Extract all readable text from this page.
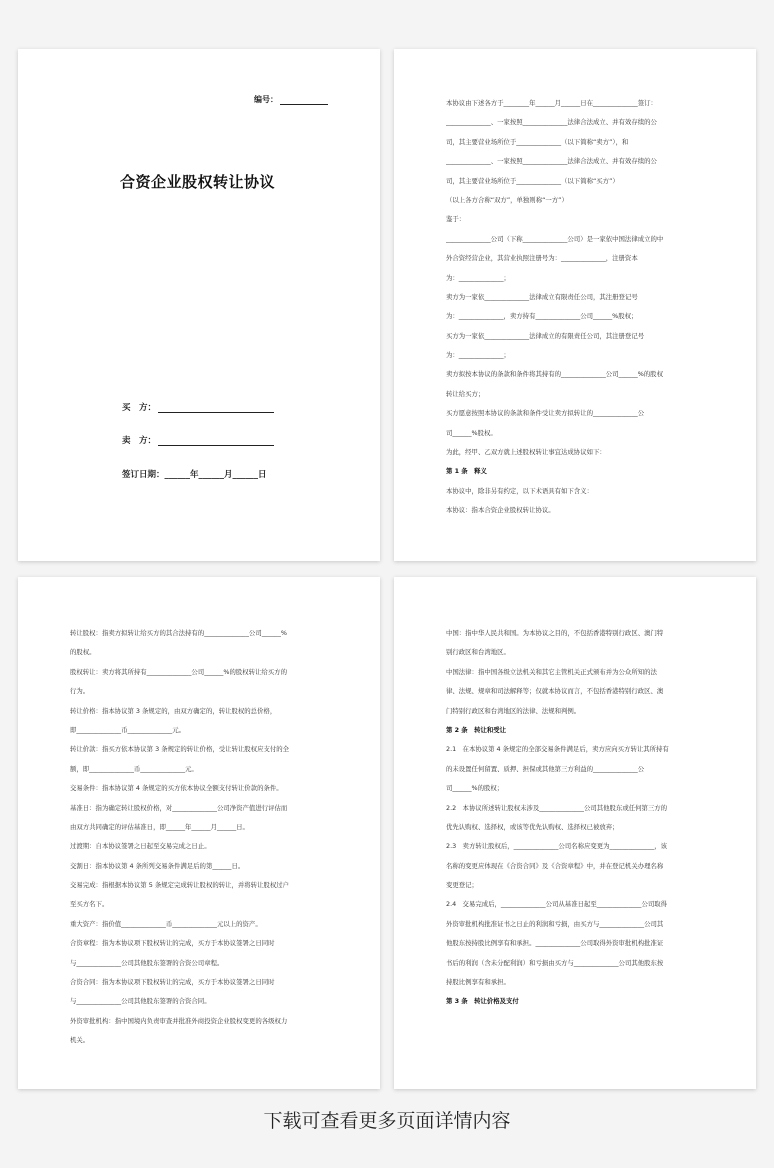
编号：
合资企业股权转让协议
买　方：
卖　方：
签订日期：______年______月______日
本协议由下述各方于________年______月______日在______________签订：
______________、一家按照______________法律合法成立、并有效存续的公
司，其主要营业场所位于______________（以下简称“卖方”），和
______________、一家按照______________法律合法成立、并有效存续的公
司，其主要营业场所位于______________（以下简称“买方”）
（以上各方合称“双方”，单独则称“一方”）
鉴于：
______________公司（下称______________公司）是一家依中国法律成立的中
外合资经营企业，其营业执照注册号为：______________，注册资本
为：______________；
卖方为一家依______________法律成立有限责任公司，其注册登记号
为：______________，卖方持有______________公司______%股权；
买方为一家依______________法律成立的有限责任公司，其注册登记号
为：______________；
卖方拟按本协议的条款和条件将其持有的______________公司______%的股权
转让给买方；
买方愿意按照本协议的条款和条件受让卖方拟转让的______________公
司______%股权。
为此，经甲、乙双方就上述股权转让事宜达成协议如下：
第 1 条　释义
本协议中，除非另有约定，以下术语具有如下含义：
本协议：指本合资企业股权转让协议。
转让股权：指卖方拟转让给买方的其合法持有的______________公司______%
的股权。
股权转让：卖方将其所持有______________公司______%的股权转让给买方的
行为。
转让价格：指本协议第 3 条规定的，由双方确定的，转让股权的总价格，
即______________币______________元。
转让价款：指买方依本协议第 3 条规定的转让价格，受让转让股权应支付的全
额，即______________币______________元。
交易条件：指本协议第 4 条规定的买方依本协议全额支付转让价款的条件。
基准日：指为确定转让股权价格，对______________公司净资产值进行评估而
由双方共同确定的评估基准日，即______年______月______日。
过渡期：自本协议签署之日起至交易完成之日止。
交割日：指本协议第 4 条所列交易条件满足后的第______日。
交易完成：指根据本协议第 5 条规定完成转让股权的转让，并将转让股权过户
至买方名下。
重大资产：指价值______________币______________元以上的资产。
合资章程：指为本协议项下股权转让的完成，买方于本协议签署之日同时
与______________公司其他股东签署的合资公司章程。
合资合同：指为本协议项下股权转让的完成，买方于本协议签署之日同时
与______________公司其他股东签署的合资合同。
外资审批机构：指中国境内负责审查并批准外商投资企业股权变更的各级权力
机关。
中国：指中华人民共和国。为本协议之目的，不包括香港特别行政区、澳门特
别行政区和台湾地区。
中国法律：指中国各级立法机关和其它主管机关正式颁布并为公众所知的法
律、法规、规章和司法解释等；仅就本协议而言，不包括香港特别行政区、澳
门特别行政区和台湾地区的法律、法规和判例。
第 2 条　转让和受让
2.1　在本协议第 4 条规定的全部交易条件满足后，卖方应向买方转让其所持有
的未设置任何留置、质押、担保或其他第三方利益的______________公
司______%的股权；
2.2　本协议所述转让股权未涉及______________公司其他股东或任何第三方的
优先认购权、选择权，或该等优先认购权、选择权已被放弃；
2.3　卖方转让股权后，______________公司名称应变更为______________，该
名称的变更应体现在《合资合同》及《合资章程》中，并在登记机关办理名称
变更登记；
2.4　交易完成后，______________公司从基准日起至______________公司取得
外资审批机构批准证书之日止的利润和亏损，由买方与______________公司其
他股东按持股比例享有和承担。______________公司取得外资审批机构批准证
书后的利润（含未分配利润）和亏损由买方与______________公司其他股东按
持股比例享有和承担。
第 3 条　转让价格及支付
下载可查看更多页面详情内容
